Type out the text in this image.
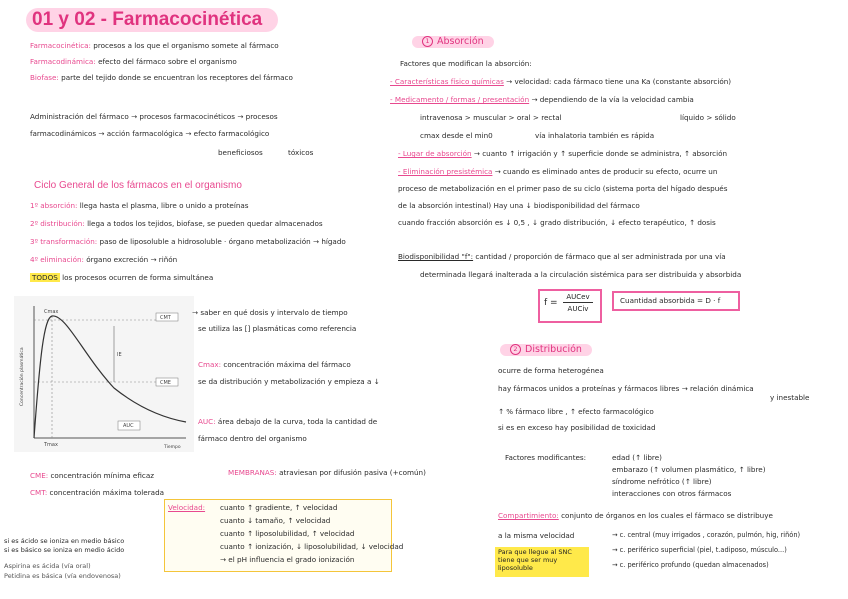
01 y 02 - Farmacocinética
Farmacocinética: procesos a los que el organismo somete al fármaco
Farmacodinámica: efecto del fármaco sobre el organismo
Biofase: parte del tejido donde se encuentran los receptores del fármaco
Administración del fármaco → procesos farmacocinéticos → procesos
farmacodinámicos → acción farmacológica → efecto farmacológico
beneficiosos	tóxicos
Ciclo General de los fármacos en el organismo
1º absorción: llega hasta el plasma, libre o unido a proteínas
2º distribución: llega a todos los tejidos, biofase, se pueden quedar almacenados
3º transformación: paso de liposoluble a hidrosoluble · órgano metabolización → hígado
4º eliminación: órgano excreción → riñón
TODOS los procesos ocurren de forma simultánea
Cmax
CMT
CME
AUC
IE
Tmax	Tiempo
Concentración plasmática
→ saber en qué dosis y intervalo de tiempo
se utiliza las [] plasmáticas como referencia
Cmax: concentración máxima del fármaco
se da distribución y metabolización y empieza a ↓
AUC: área debajo de la curva, toda la cantidad de
fármaco dentro del organismo
CME: concentración mínima eficaz
CMT: concentración máxima tolerada
MEMBRANAS: atraviesan por difusión pasiva (+común)
Velocidad: cuanto ↑ gradiente, ↑ velocidad
cuanto ↓ tamaño, ↑ velocidad
cuanto ↑ liposolubilidad, ↑ velocidad
cuanto ↑ ionización, ↓ liposolubilidad, ↓ velocidad
→ el pH influencia el grado ionización
si es ácido se ioniza en medio básico
si es básico se ioniza en medio ácido
Aspirina es ácida (vía oral)
Petidina es básica (vía endovenosa)
1 Absorción
Factores que modifican la absorción:
- Características físico químicas → velocidad: cada fármaco tiene una Ka (constante absorción)
- Medicamento / formas / presentación → dependiendo de la vía la velocidad cambia
intravenosa > muscular > oral > rectal	líquido > sólido
cmax desde el min0	vía inhalatoria también es rápida
- Lugar de absorción → cuanto ↑ irrigación y ↑ superficie donde se administra, ↑ absorción
- Eliminación presistémica → cuando es eliminado antes de producir su efecto, ocurre un
proceso de metabolización en el primer paso de su ciclo (sistema porta del hígado después
de la absorción intestinal) Hay una ↓ biodisponibilidad del fármaco
cuando fracción absorción es ↓ 0,5 , ↓ grado distribución, ↓ efecto terapéutico, ↑ dosis
Biodisponibilidad "f": cantidad / proporción de fármaco que al ser administrada por una vía
determinada llegará inalterada a la circulación sistémica para ser distribuida y absorbida
f =
AUCev
AUCiv
Cuantidad absorbida = D · f
2 Distribución
ocurre de forma heterogénea
hay fármacos unidos a proteínas y fármacos libres → relación dinámica
y inestable
↑ % fármaco libre , ↑ efecto farmacológico
si es en exceso hay posibilidad de toxicidad
Factores modificantes:	edad (↑ libre)
embarazo (↑ volumen plasmático, ↑ libre)
síndrome nefrótico (↑ libre)
interacciones con otros fármacos
Compartimiento: conjunto de órganos en los cuales el fármaco se distribuye
a la misma velocidad	→ c. central (muy irrigados , corazón, pulmón, hig, riñón)
→ c. periférico superficial (piel, t.adiposo, músculo...)
→ c. periférico profundo (quedan almacenados)
Para que llegue al SNC tiene que ser muy liposoluble
